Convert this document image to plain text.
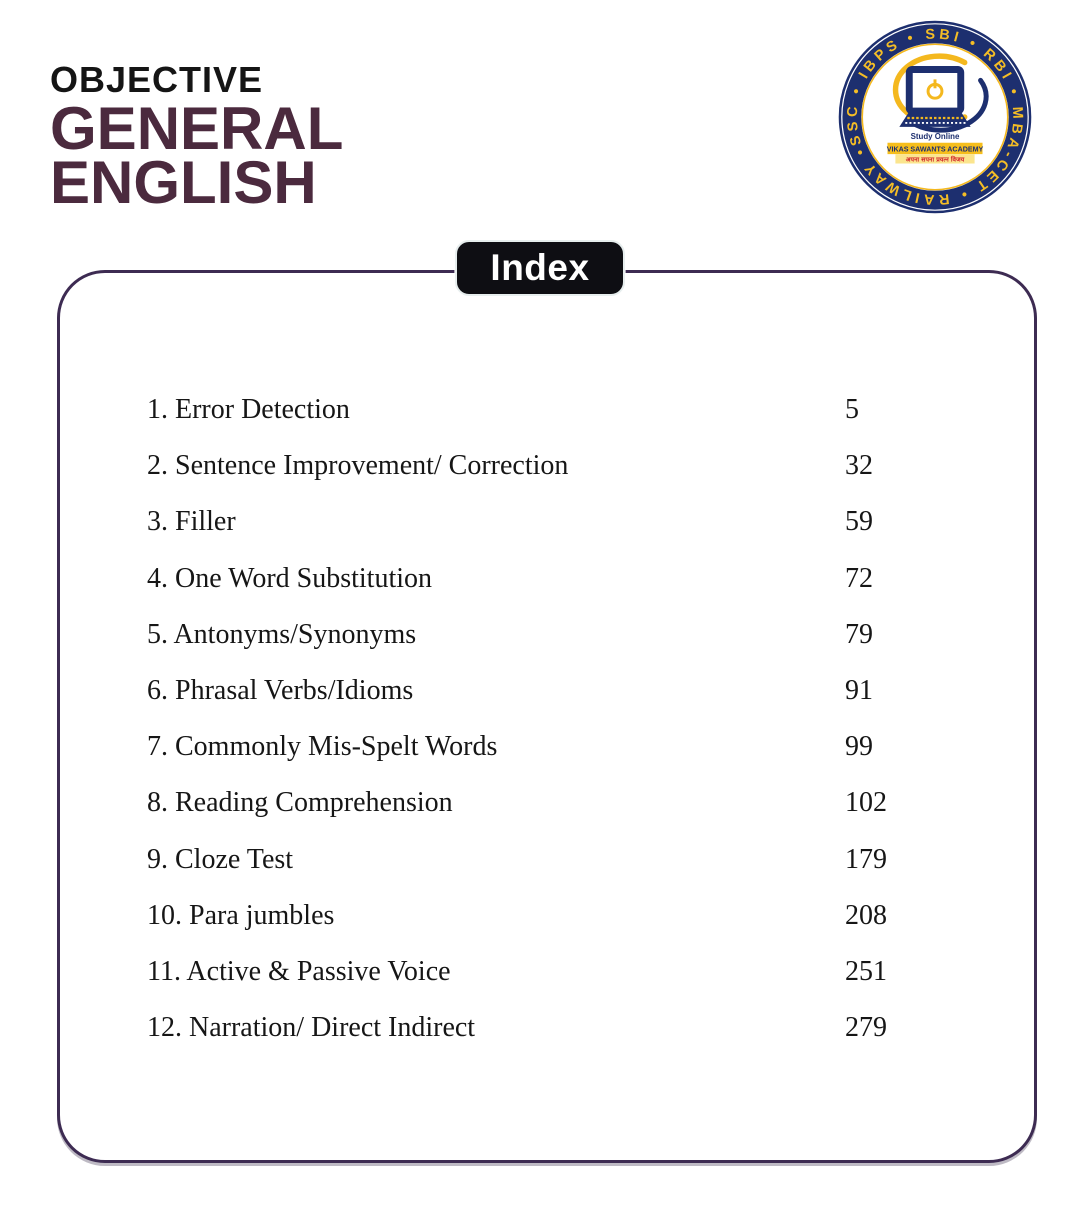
OBJECTIVE
GENERAL
ENGLISH
SSC • IBPS • SBI • RBI • MBA-CET • RAILWAY •
Study Online
VIKAS SAWANTS ACADEMY
अपना सपना प्रयत्न विजय
Index
1. Error Detection	5
2. Sentence Improvement/ Correction	32
3. Filler	59
4. One Word Substitution	72
5. Antonyms/Synonyms	79
6. Phrasal Verbs/Idioms	91
7. Commonly Mis-Spelt Words	99
8. Reading Comprehension	102
9. Cloze Test	179
10. Para jumbles	208
11. Active & Passive Voice	251
12. Narration/ Direct Indirect	279
